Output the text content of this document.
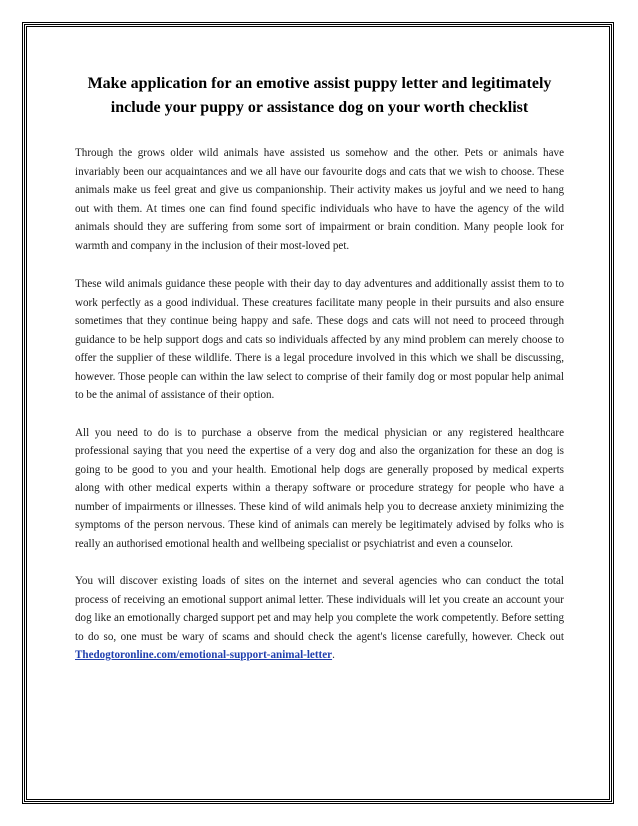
Make application for an emotive assist puppy letter and legitimately include your puppy or assistance dog on your worth checklist

Through the grows older wild animals have assisted us somehow and the other. Pets or animals have invariably been our acquaintances and we all have our favourite dogs and cats that we wish to choose. These animals make us feel great and give us companionship. Their activity makes us joyful and we need to hang out with them. At times one can find found specific individuals who have to have the agency of the wild animals should they are suffering from some sort of impairment or brain condition. Many people look for warmth and company in the inclusion of their most-loved pet.

These wild animals guidance these people with their day to day adventures and additionally assist them to to work perfectly as a good individual. These creatures facilitate many people in their pursuits and also ensure sometimes that they continue being happy and safe. These dogs and cats will not need to proceed through guidance to be help support dogs and cats so individuals affected by any mind problem can merely choose to offer the supplier of these wildlife. There is a legal procedure involved in this which we shall be discussing, however. Those people can within the law select to comprise of their family dog or most popular help animal to be the animal of assistance of their option.

All you need to do is to purchase a observe from the medical physician or any registered healthcare professional saying that you need the expertise of a very dog and also the organization for these an dog is going to be good to you and your health. Emotional help dogs are generally proposed by medical experts along with other medical experts within a therapy software or procedure strategy for people who have a number of impairments or illnesses. These kind of wild animals help you to decrease anxiety minimizing the symptoms of the person nervous. These kind of animals can merely be legitimately advised by folks who is really an authorised emotional health and wellbeing specialist or psychiatrist and even a counselor.

You will discover existing loads of sites on the internet and several agencies who can conduct the total process of receiving an emotional support animal letter. These individuals will let you create an account your dog like an emotionally charged support pet and may help you complete the work competently. Before setting to do so, one must be wary of scams and should check the agent's license carefully, however. Check out Thedogtoronline.com/emotional-support-animal-letter.
